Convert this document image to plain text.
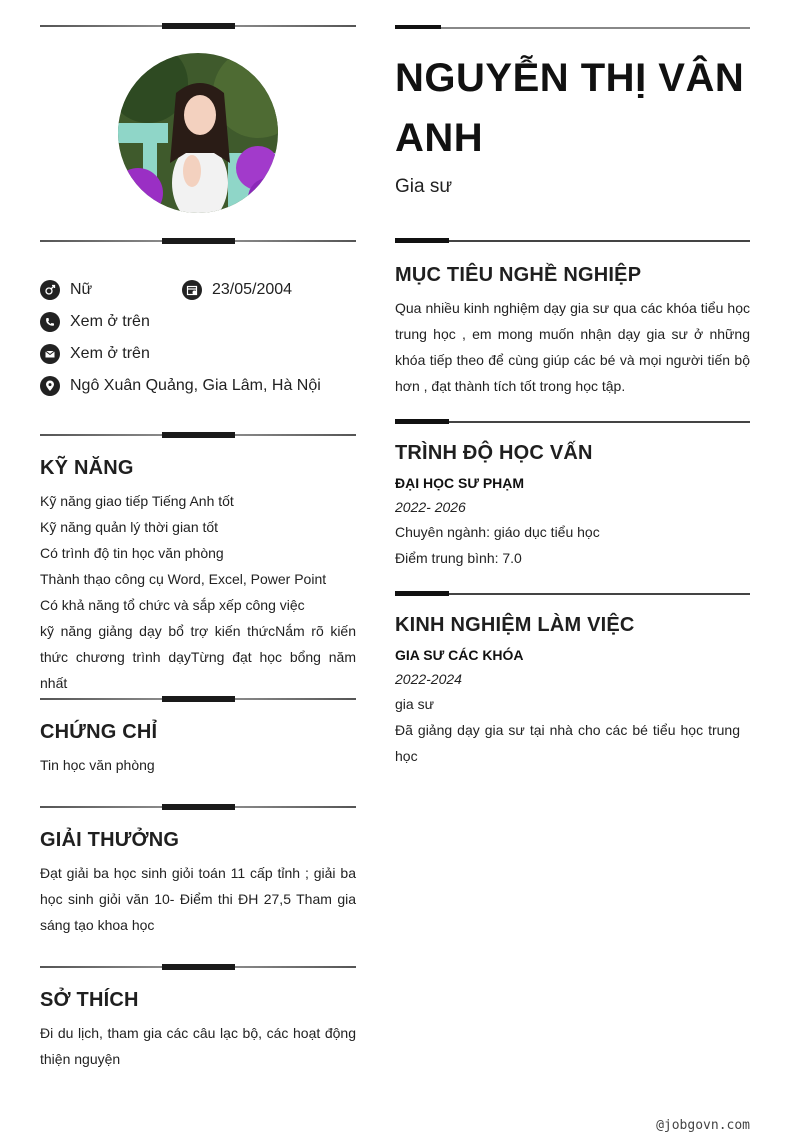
Nữ	23/05/2004
Xem ở trên
Xem ở trên
Ngô Xuân Quảng, Gia Lâm, Hà Nội
KỸ NĂNG
Kỹ năng giao tiếp Tiếng Anh tốt
Kỹ năng quản lý thời gian tốt
Có trình độ tin học văn phòng
Thành thạo công cụ Word, Excel, Power Point
Có khả năng tổ chức và sắp xếp công việc
kỹ năng giảng dạy bổ trợ kiến thứcNắm rõ kiến thức chương trình dạyTừng đạt học bổng năm nhất
CHỨNG CHỈ
Tin học văn phòng
GIẢI THƯỞNG
Đạt giải ba học sinh giỏi toán 11 cấp tỉnh ; giải ba học sinh giỏi văn 10- Điểm thi ĐH 27,5 Tham gia sáng tạo khoa học
SỞ THÍCH
Đi du lịch, tham gia các câu lạc bộ, các hoạt động thiện nguyện
NGUYỄN THỊ VÂN ANH
Gia sư
MỤC TIÊU NGHỀ NGHIỆP
Qua nhiều kinh nghiệm dạy gia sư qua các khóa tiểu học trung học , em mong muốn nhận dạy gia sư ở những khóa tiếp theo để cùng giúp các bé và mọi người tiến bộ hơn , đạt thành tích tốt trong học tập.
TRÌNH ĐỘ HỌC VẤN
ĐẠI HỌC SƯ PHẠM
2022- 2026
Chuyên ngành: giáo dục tiểu học
Điểm trung bình: 7.0
KINH NGHIỆM LÀM VIỆC
GIA SƯ CÁC KHÓA
2022-2024
gia sư
Đã giảng dạy gia sư tại nhà cho các bé tiểu học trung học
@jobgovn.com
